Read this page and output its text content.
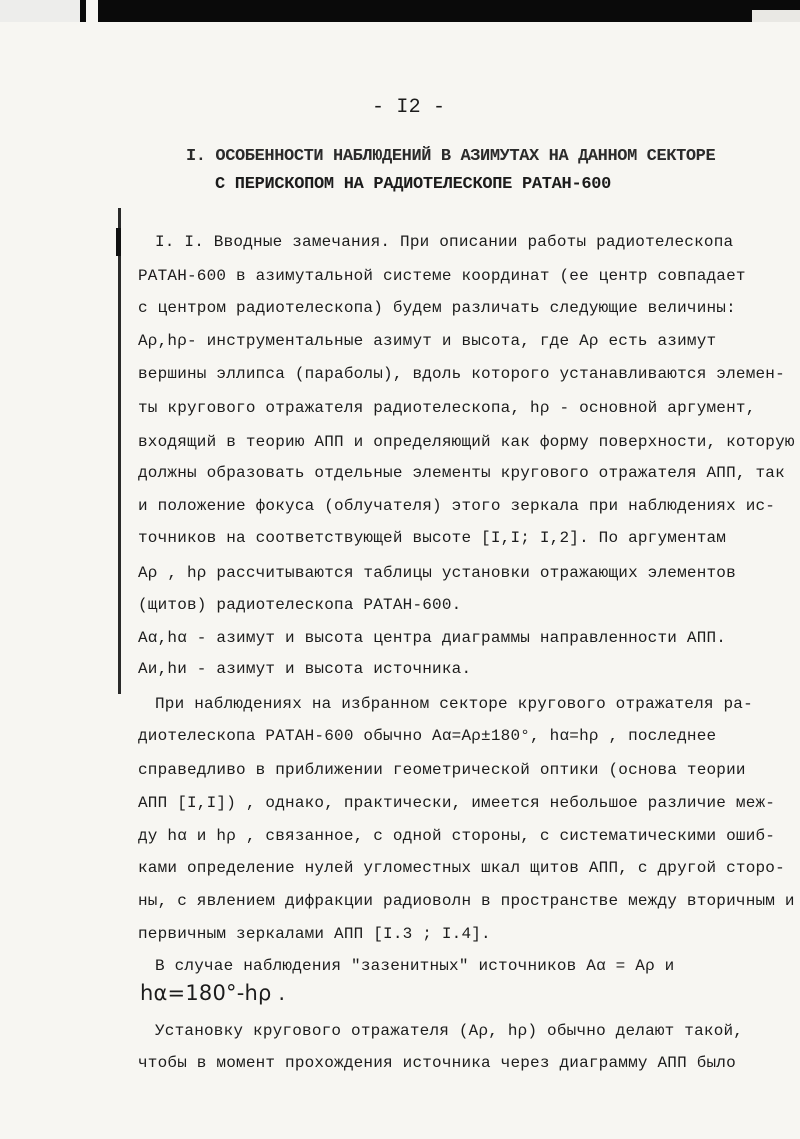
- I2 -
I. ОСОБЕННОСТИ НАБЛЮДЕНИЙ В АЗИМУТАХ НА ДАННОМ СЕКТОРЕ
С ПЕРИСКОПОМ НА РАДИОТЕЛЕСКОПЕ РАТАН-600
I. I. Вводные замечания. При описании работы радиотелескопа
РАТАН-600 в азимутальной системе координат (ее центр совпадает
с центром радиотелескопа) будем различать следующие величины:
Aρ,hρ- инструментальные азимут и высота, где Aρ есть азимут
вершины эллипса (параболы), вдоль которого устанавливаются элемен-
ты кругового отражателя радиотелескопа, hρ - основной аргумент,
входящий в теорию АПП и определяющий как форму поверхности, которую
должны образовать отдельные элементы кругового отражателя АПП, так
и положение фокуса (облучателя) этого зеркала при наблюдениях ис-
точников на соответствующей высоте [I,I; I,2]. По аргументам
Aρ , hρ рассчитываются таблицы установки отражающих элементов
(щитов) радиотелескопа РАТАН-600.
Aα,hα - азимут и высота центра диаграммы направленности АПП.
Aи,hи - азимут и высота источника.
При наблюдениях на избранном секторе кругового отражателя ра-
диотелескопа РАТАН-600 обычно Aα=Aρ±180°, hα=hρ , последнее
справедливо в приближении геометрической оптики (основа теории
АПП [I,I]) , однако, практически, имеется небольшое различие меж-
ду hα и hρ , связанное, с одной стороны, с систематическими ошиб-
ками определение нулей угломестных шкал щитов АПП, с другой сторо-
ны, с явлением дифракции радиоволн в пространстве между вторичным и
первичным зеркалами АПП [I.3 ; I.4].
В случае наблюдения "зазенитных" источников Aα = Aρ и
hα=180°-hρ .
Установку кругового отражателя (Aρ, hρ) обычно делают такой,
чтобы в момент прохождения источника через диаграмму АПП было
